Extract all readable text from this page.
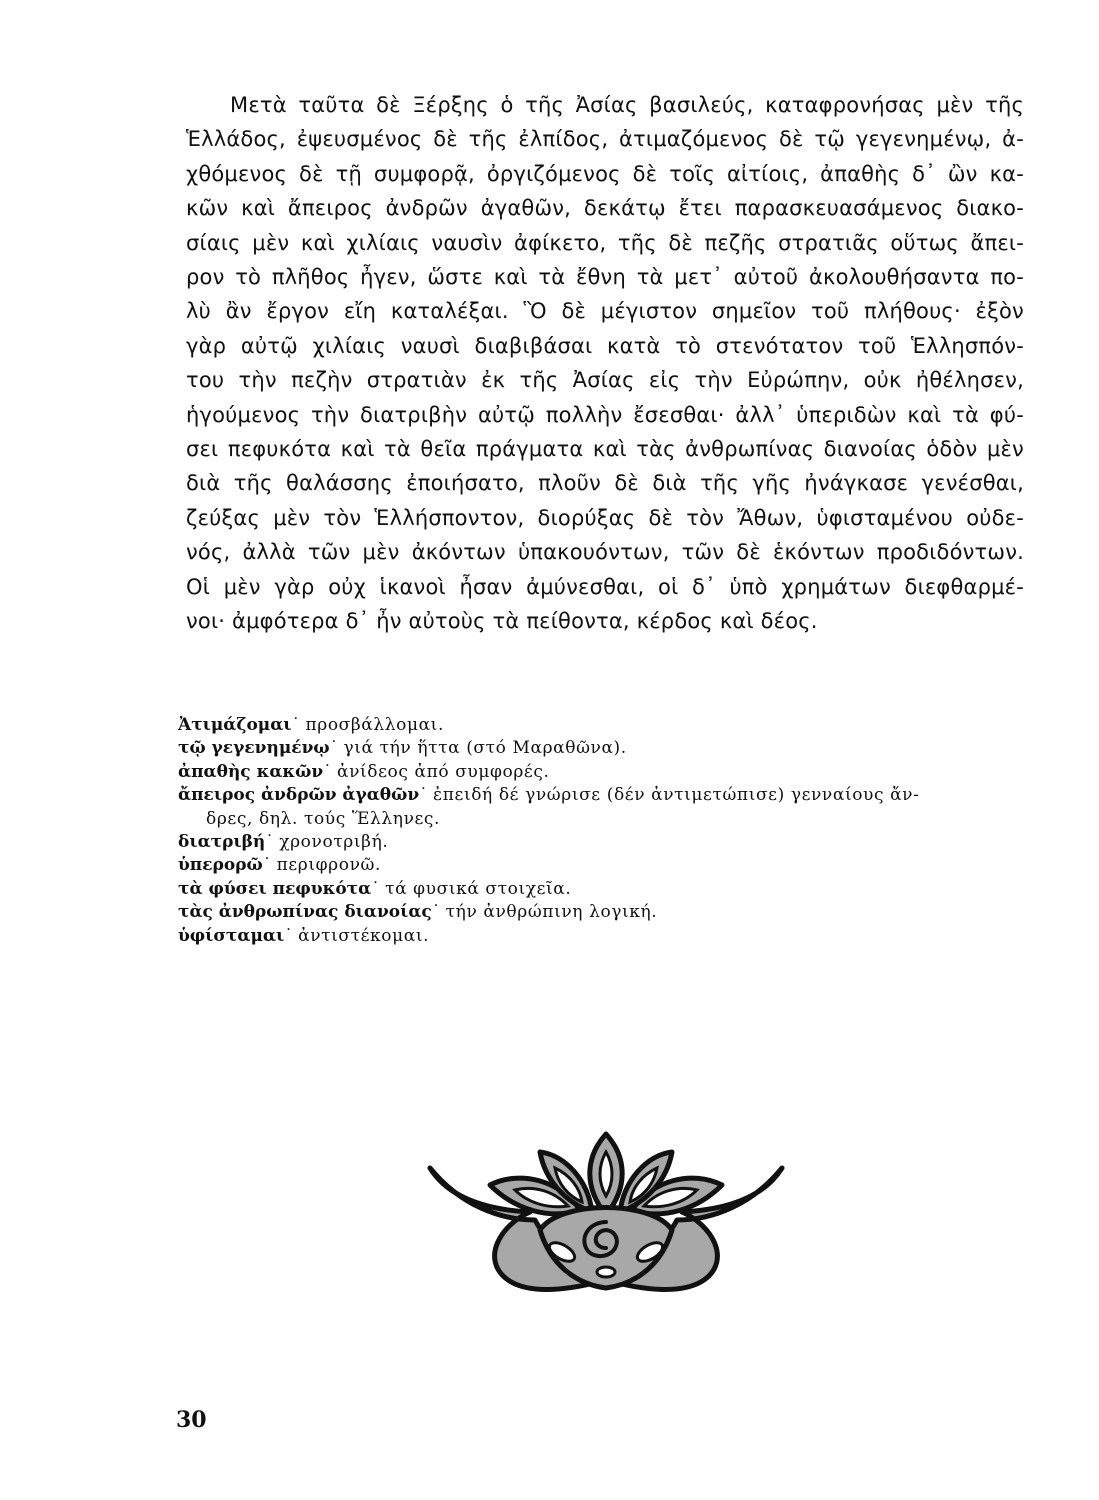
Μετὰ ταῦτα δὲ Ξέρξης ὁ τῆς Ἀσίας βασιλεύς, καταφρονήσας μὲν τῆς
Ἑλλάδος, ἐψευσμένος δὲ τῆς ἐλπίδος, ἀτιμαζόμενος δὲ τῷ γεγενημένῳ, ἀ-
χθόμενος δὲ τῇ συμφορᾷ, ὀργιζόμενος δὲ τοῖς αἰτίοις, ἀπαθὴς δ᾽ ὢν κα-
κῶν καὶ ἄπειρος ἀνδρῶν ἀγαθῶν, δεκάτῳ ἔτει παρασκευασάμενος διακο-
σίαις μὲν καὶ χιλίαις ναυσὶν ἀφίκετο, τῆς δὲ πεζῆς στρατιᾶς οὕτως ἄπει-
ρον τὸ πλῆθος ἦγεν, ὥστε καὶ τὰ ἔθνη τὰ μετ᾽ αὐτοῦ ἀκολουθήσαντα πο-
λὺ ἂν ἔργον εἴη καταλέξαι. Ὃ δὲ μέγιστον σημεῖον τοῦ πλήθους· ἐξὸν
γὰρ αὐτῷ χιλίαις ναυσὶ διαβιβάσαι κατὰ τὸ στενότατον τοῦ Ἑλλησπόν-
του τὴν πεζὴν στρατιὰν ἐκ τῆς Ἀσίας εἰς τὴν Εὐρώπην, οὐκ ἠθέλησεν,
ἡγούμενος τὴν διατριβὴν αὐτῷ πολλὴν ἔσεσθαι· ἀλλ᾽ ὑπεριδὼν καὶ τὰ φύ-
σει πεφυκότα καὶ τὰ θεῖα πράγματα καὶ τὰς ἀνθρωπίνας διανοίας ὁδὸν μὲν
διὰ τῆς θαλάσσης ἐποιήσατο, πλοῦν δὲ διὰ τῆς γῆς ἠνάγκασε γενέσθαι,
ζεύξας μὲν τὸν Ἑλλήσποντον, διορύξας δὲ τὸν Ἄθων, ὑφισταμένου οὐδε-
νός, ἀλλὰ τῶν μὲν ἀκόντων ὑπακουόντων, τῶν δὲ ἑκόντων προδιδόντων.
Οἱ μὲν γὰρ οὐχ ἱκανοὶ ἦσαν ἀμύνεσθαι, οἱ δ᾽ ὑπὸ χρημάτων διεφθαρμέ-
νοι· ἀμφότερα δ᾽ ἦν αὐτοὺς τὰ πείθοντα, κέρδος καὶ δέος.
Ἀτιμάζομαι˙ προσβάλλομαι.
τῷ γεγενημένῳ˙ γιά τήν ἥττα (στό Μαραθῶνα).
ἀπαθὴς κακῶν˙ ἀνίδεος ἀπό συμφορές.
ἄπειρος ἀνδρῶν ἀγαθῶν˙ ἐπειδή δέ γνώρισε (δέν ἀντιμετώπισε) γενναίους ἄν-
δρες, δηλ. τούς Ἕλληνες.
διατριβή˙ χρονοτριβή.
ὑπερορῶ˙ περιφρονῶ.
τὰ φύσει πεφυκότα˙ τά φυσικά στοιχεῖα.
τὰς ἀνθρωπίνας διανοίας˙ τήν ἀνθρώπινη λογική.
ὑφίσταμαι˙ ἀντιστέκομαι.
30
